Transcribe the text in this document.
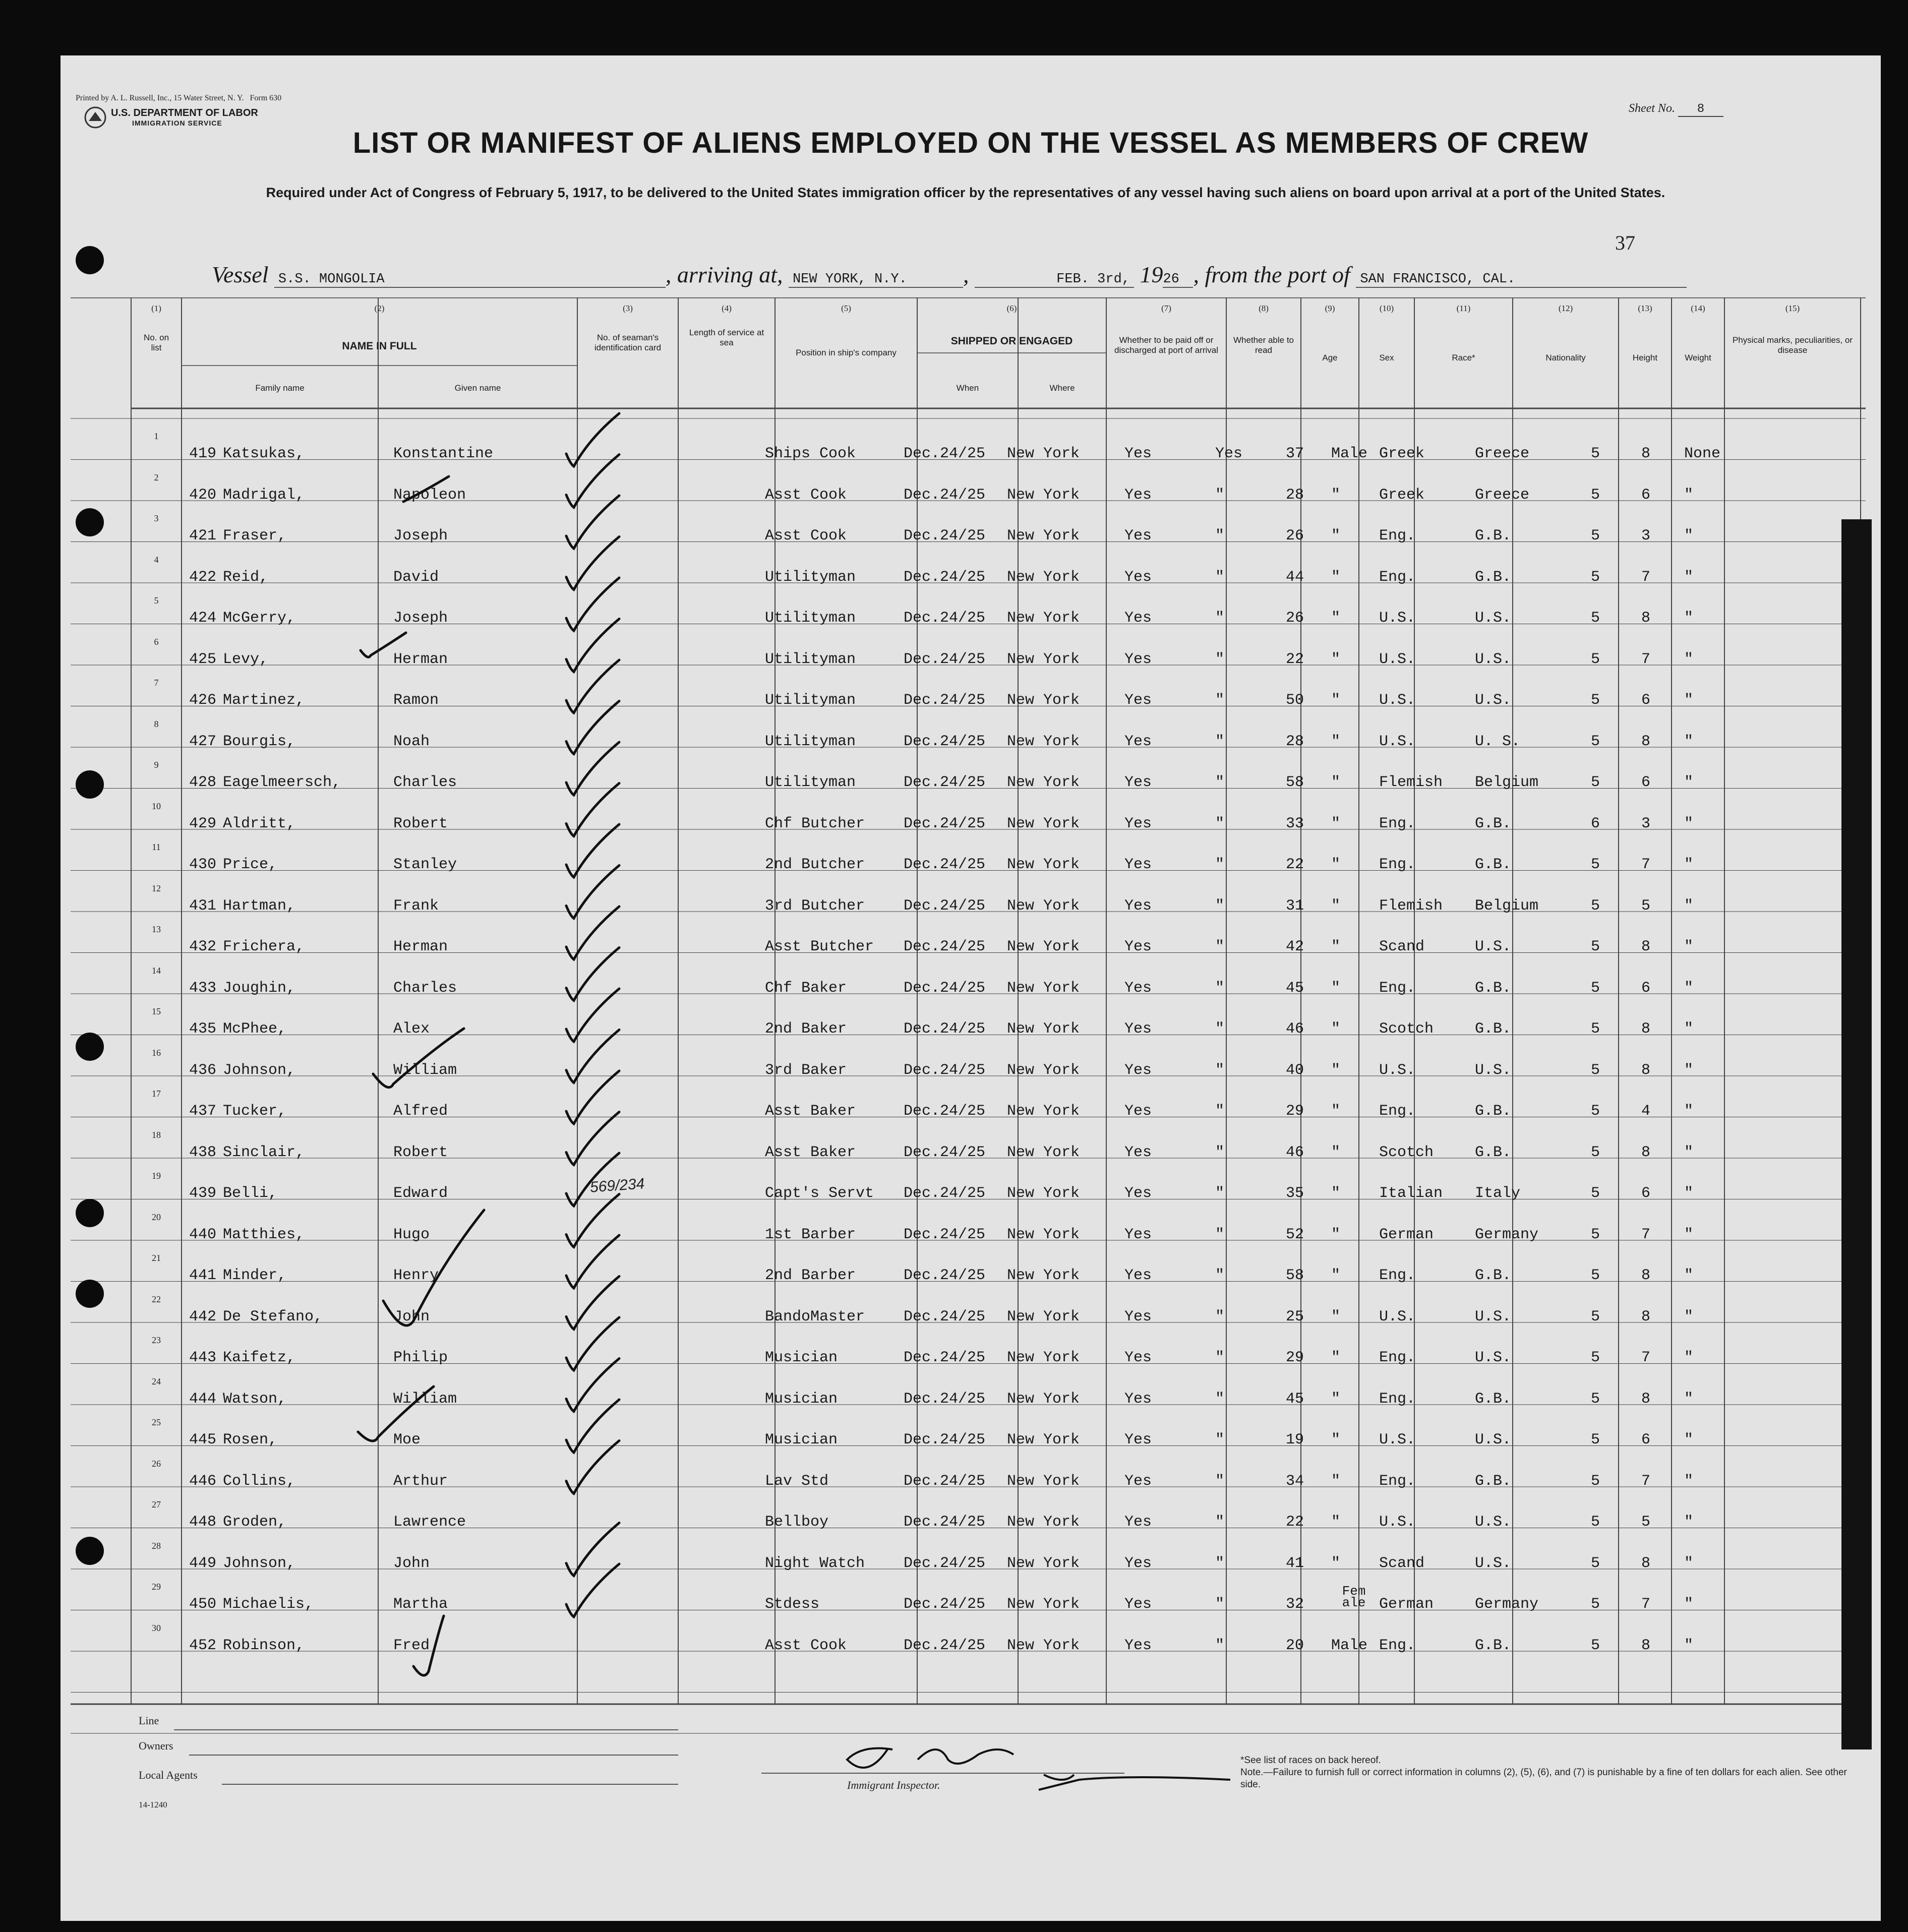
Printed by A. L. Russell, Inc., 15 Water Street, N. Y. Form 630
U.S. DEPARTMENT OF LABOR
IMMIGRATION SERVICE
Sheet No. 8
LIST OR MANIFEST OF ALIENS EMPLOYED ON THE VESSEL AS MEMBERS OF CREW
Required under Act of Congress of February 5, 1917, to be delivered to the United States immigration officer by the representatives of any vessel having such aliens on board upon arrival at a port of the United States.
37
Vessel S.S. MONGOLIA	, arriving at, NEW YORK, N.Y. ,	FEB. 3rd, 1926 , from the port of SAN FRANCISCO, CAL.
(1)	(2)	(3)	(4)	(5)	(6)	(7)	(8)	(9)	(10)	(11)	(12)	(13)	(14)	(15)
No. on list	NAME IN FULL
Family name	Given name
No. of seaman's identification card
Length of service at sea
Position in ship's company
SHIPPED OR ENGAGED
When	Where
Whether to be paid off or discharged at port of arrival
Whether able to read
Age	Sex	Race*	Nationality	Height	Weight
Physical marks, peculiarities, or disease
1
419 Katsukas,	Konstantine	Ships Cook	Dec.24/25 New York	Yes	Yes	37 Male Greek	Greece	5	8 None
2
420 Madrigal,	Napoleon	Asst Cook	Dec.24/25 New York	Yes	"	28 "	Greek	Greece	5	6 "
3
421 Fraser,	Joseph	Asst Cook	Dec.24/25 New York	Yes	"	26 "	Eng.	G.B.	5	3 "
4
422 Reid,	David	Utilityman	Dec.24/25 New York	Yes	"	44 "	Eng.	G.B.	5	7 "
5
424 McGerry,	Joseph	Utilityman	Dec.24/25 New York	Yes	"	26 "	U.S.	U.S.	5	8 "
6
425 Levy,	Herman	Utilityman	Dec.24/25 New York	Yes	"	22 "	U.S.	U.S.	5	7 "
7
426 Martinez,	Ramon	Utilityman	Dec.24/25 New York	Yes	"	50 "	U.S.	U.S.	5	6 "
8
427 Bourgis,	Noah	Utilityman	Dec.24/25 New York	Yes	"	28 "	U.S.	U. S.	5	8 "
9
428 Eagelmeersch,	Charles	Utilityman	Dec.24/25 New York	Yes	"	58 "	Flemish Belgium	5	6 "
10
429 Aldritt,	Robert	Chf Butcher	Dec.24/25 New York	Yes	"	33 "	Eng.	G.B.	6	3 "
11
430 Price,	Stanley	2nd Butcher	Dec.24/25 New York	Yes	"	22 "	Eng.	G.B.	5	7 "
12
431 Hartman,	Frank	3rd Butcher	Dec.24/25 New York	Yes	"	31 "	Flemish Belgium	5	5 "
13
432 Frichera,	Herman	Asst Butcher Dec.24/25 New York	Yes	"	42 "	Scand	U.S.	5	8 "
14
433 Joughin,	Charles	Chf Baker	Dec.24/25 New York	Yes	"	45 "	Eng.	G.B.	5	6 "
15
435 McPhee,	Alex	2nd Baker	Dec.24/25 New York	Yes	"	46 "	Scotch	G.B.	5	8 "
16
436 Johnson,	William	3rd Baker	Dec.24/25 New York	Yes	"	40 "	U.S.	U.S.	5	8 "
17
437 Tucker,	Alfred	Asst Baker	Dec.24/25 New York	Yes	"	29 "	Eng.	G.B.	5	4 "
18
438 Sinclair,	Robert	Asst Baker	Dec.24/25 New York	Yes	"	46 "	Scotch	G.B.	5	8 "
19
439 Belli,	Edward	Capt's Servt Dec.24/25 New York	Yes	"	35 "	Italian Italy	5	6 "
20
440 Matthies,	Hugo	1st Barber	Dec.24/25 New York	Yes	"	52 "	German	Germany	5	7 "
21
441 Minder,	Henry	2nd Barber	Dec.24/25 New York	Yes	"	58 "	Eng.	G.B.	5	8 "
22
442 De Stefano,	John	BandoMaster	Dec.24/25 New York	Yes	"	25 "	U.S.	U.S.	5	8 "
23
443 Kaifetz,	Philip	Musician	Dec.24/25 New York	Yes	"	29 "	Eng.	U.S.	5	7 "
24
444 Watson,	William	Musician	Dec.24/25 New York	Yes	"	45 "	Eng.	G.B.	5	8 "
25
445 Rosen,	Moe	Musician	Dec.24/25 New York	Yes	"	19 "	U.S.	U.S.	5	6 "
26
446 Collins,	Arthur	Lav Std	Dec.24/25 New York	Yes	"	34 "	Eng.	G.B.	5	7 "
27
448 Groden,	Lawrence	Bellboy	Dec.24/25 New York	Yes	"	22 "	U.S.	U.S.	5	5 "
28
449 Johnson,	John	Night Watch	Dec.24/25 New York	Yes	"	41 "	Scand	U.S.	5	8 "
29
450 Michaelis,	Martha	Stdess	Dec.24/25 New York	Yes	"	32
Fem ale German	Germany	5	7 "
30
452 Robinson,	Fred	Asst Cook	Dec.24/25 New York	Yes	"	20 Male Eng.	G.B.	5	8 "
569/234
Line
Owners
Local Agents
14-1240
Immigrant Inspector.
*See list of races on back hereof.
Note.—Failure to furnish full or correct information in columns (2), (5), (6), and (7) is punishable by a fine of ten dollars for each alien. See other side.
